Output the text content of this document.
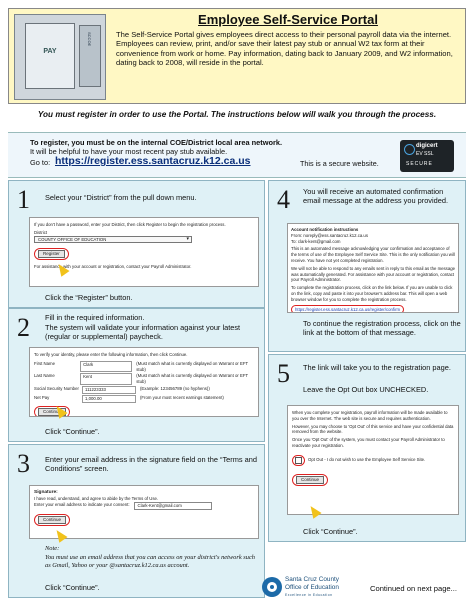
PAY
SCCOE
Employee Self-Service Portal
The Self-Service Portal gives employees direct access to their personal payroll data via the internet. Employees can review, print, and/or save their latest pay stub or annual W2 tax form at their convenience from work or home. Pay information, dating back to January 2009, and W2 information, dating back to 2008, will reside in the portal.
You must register in order to use the Portal. The instructions below will walk you through the process.
To register, you must be on the internal COE/District local area network.
It will be helpful to have your most recent pay stub available.
Go to: https://register.ess.santacruz.k12.ca.us	This is a secure website.
digicert
EV SSL
SECURE
1 Select your “District” from the pull down menu.
If you don't have a password, enter your District, then click Register to begin the registration process.
District
COUNTY OFFICE OF EDUCATION ▾
Register
For assistance with your account or registration, contact your Payroll Administrator.
Click the “Register” button.
2 Fill in the required information.
The system will validate your information against your latest (regular or supplemental) paycheck.
To verify your identity, please enter the following information, then click Continue.
First Name	Clark	(Must match what is currently displayed on Warrant or EFT stub)
Last Name	Kent	(Must match what is currently displayed on Warrant or EFT stub)
Social Security Number	111223333	(Example: 123456789 (no hyphens))
Net Pay	1,000.00	(From your most recent earnings statement)
Continue
Click “Continue”.
3 Enter your email address in the signature field on the “Terms and Conditions” screen.
Signature:
I have read, understand, and agree to abide by the Terms of Use.
Enter your email address to indicate your consent:	Clark-Kent@gmail.com
Continue
Note:
You must use an email address that you can access on your district's network such as Gmail, Yahoo or your @santacruz.k12.ca.us account.
Click “Continue”.
4 You will receive an automated confirmation email message at the address you provided.
Account notification instructions
From: noreply@ess.santacruz.k12.ca.us
To: clark-kent@gmail.com
This is an automated message acknowledging your confirmation and acceptance of the terms of use of the Employee Self Service Site. This is the only notification you will receive. You have not yet completed registration.
We will not be able to respond to any emails sent in reply to this email as the message was automatically generated. For assistance with your account or registration, contact your Payroll Administrator.
To complete the registration process, click on the link below. If you are unable to click on the link, copy and paste it into your browser's address bar. This will open a web browser window for you to complete the registration process.
https://register.ess.santacruz.k12.ca.us/register/confirm
To continue the registration process, click on the link at the bottom of that message.
5 The link will take you to the registration page.
Leave the Opt Out box UNCHECKED.
When you complete your registration, payroll information will be made available to you over the Internet. The web site is secure and requires authentication.
However, you may choose to 'Opt Out' of this service and have your confidential data removed from the website.
Once you 'Opt Out' of the system, you must contact your Payroll Administrator to reactivate your registration.
Opt Out - I do not wish to use the Employee Self Service Site.
Continue
Click “Continue”.
Santa Cruz County
Office of Education
Excellence in Education
Continued on next page...
